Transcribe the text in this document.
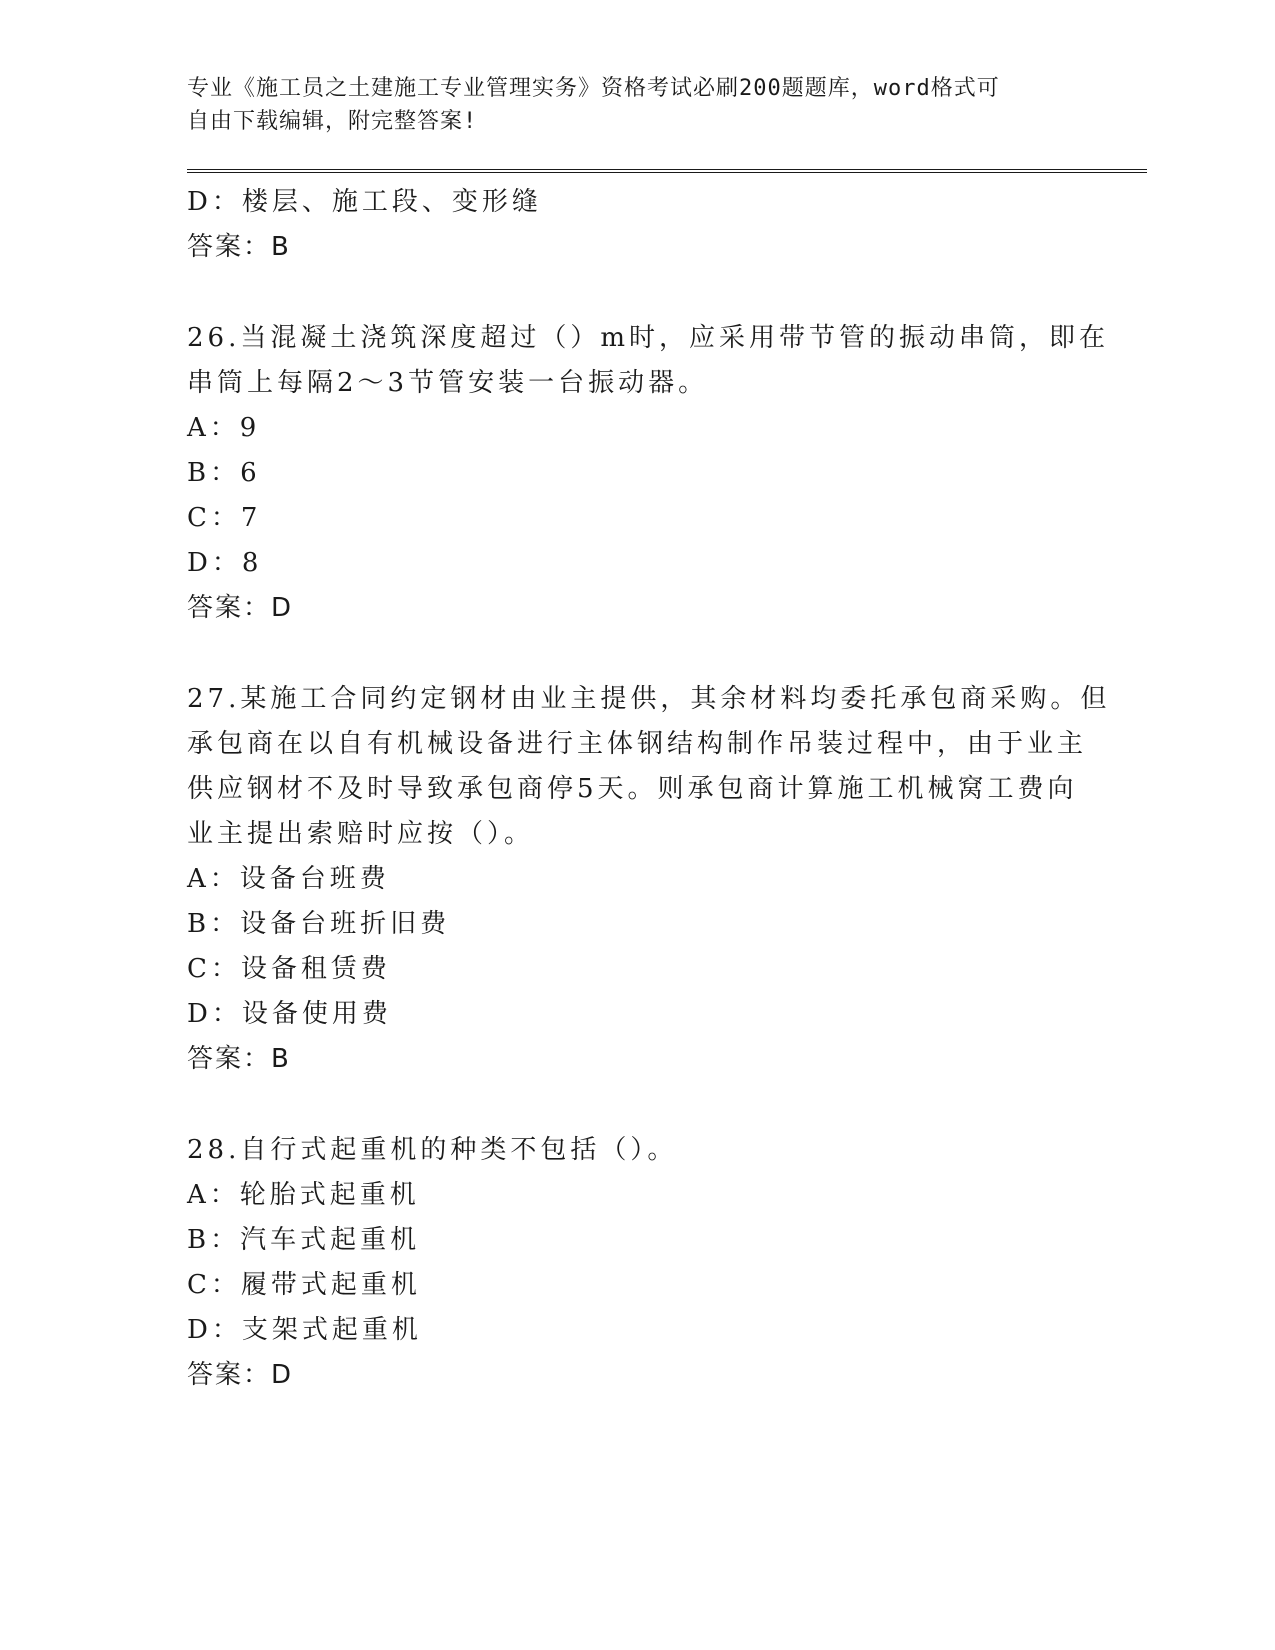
专业《施工员之土建施工专业管理实务》资格考试必刷200题题库，word格式可
自由下载编辑，附完整答案!
D：楼层、施工段、变形缝
答案：B
26.当混凝土浇筑深度超过（）m时，应采用带节管的振动串筒，即在
串筒上每隔2～3节管安装一台振动器。
A：9
B：6
C：7
D：8
答案：D
27.某施工合同约定钢材由业主提供，其余材料均委托承包商采购。但
承包商在以自有机械设备进行主体钢结构制作吊装过程中，由于业主
供应钢材不及时导致承包商停5天。则承包商计算施工机械窝工费向
业主提出索赔时应按（）。
A：设备台班费
B：设备台班折旧费
C：设备租赁费
D：设备使用费
答案：B
28.自行式起重机的种类不包括（）。
A：轮胎式起重机
B：汽车式起重机
C：履带式起重机
D：支架式起重机
答案：D
